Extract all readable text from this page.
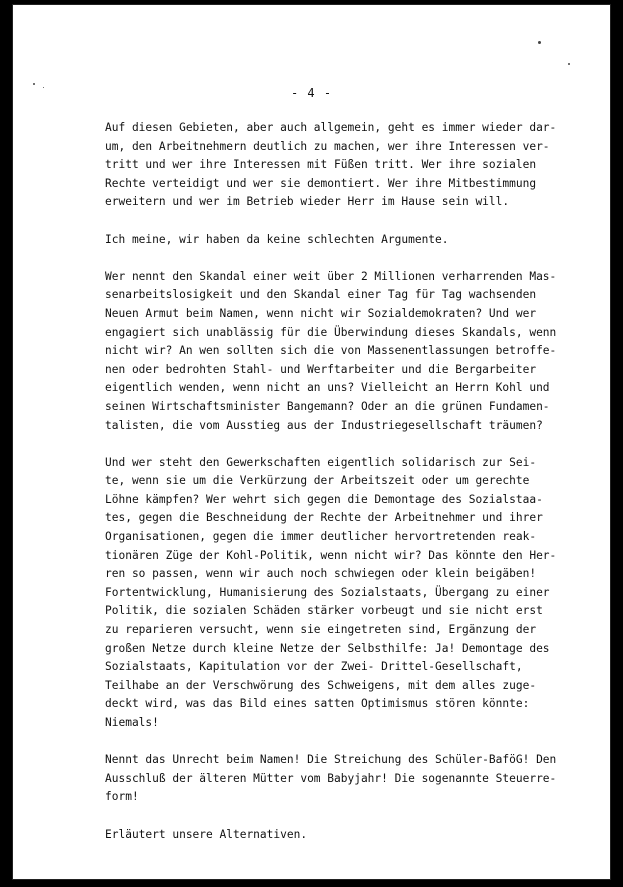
- 4 -
Auf diesen Gebieten, aber auch allgemein, geht es immer wieder dar-
um, den Arbeitnehmern deutlich zu machen, wer ihre Interessen ver-
tritt und wer ihre Interessen mit Füßen tritt. Wer ihre sozialen
Rechte verteidigt und wer sie demontiert. Wer ihre Mitbestimmung
erweitern und wer im Betrieb wieder Herr im Hause sein will.
Ich meine, wir haben da keine schlechten Argumente.
Wer nennt den Skandal einer weit über 2 Millionen verharrenden Mas-
senarbeitslosigkeit und den Skandal einer Tag für Tag wachsenden
Neuen Armut beim Namen, wenn nicht wir Sozialdemokraten? Und wer
engagiert sich unablässig für die Überwindung dieses Skandals, wenn
nicht wir? An wen sollten sich die von Massenentlassungen betroffe-
nen oder bedrohten Stahl- und Werftarbeiter und die Bergarbeiter
eigentlich wenden, wenn nicht an uns? Vielleicht an Herrn Kohl und
seinen Wirtschaftsminister Bangemann? Oder an die grünen Fundamen-
talisten, die vom Ausstieg aus der Industriegesellschaft träumen?
Und wer steht den Gewerkschaften eigentlich solidarisch zur Sei-
te, wenn sie um die Verkürzung der Arbeitszeit oder um gerechte
Löhne kämpfen? Wer wehrt sich gegen die Demontage des Sozialstaa-
tes, gegen die Beschneidung der Rechte der Arbeitnehmer und ihrer
Organisationen, gegen die immer deutlicher hervortretenden reak-
tionären Züge der Kohl-Politik, wenn nicht wir? Das könnte den Her-
ren so passen, wenn wir auch noch schwiegen oder klein beigäben!
Fortentwicklung, Humanisierung des Sozialstaats, Übergang zu einer
Politik, die sozialen Schäden stärker vorbeugt und sie nicht erst
zu reparieren versucht, wenn sie eingetreten sind, Ergänzung der
großen Netze durch kleine Netze der Selbsthilfe: Ja! Demontage des
Sozialstaats, Kapitulation vor der Zwei- Drittel-Gesellschaft,
Teilhabe an der Verschwörung des Schweigens, mit dem alles zuge-
deckt wird, was das Bild eines satten Optimismus stören könnte:
Niemals!
Nennt das Unrecht beim Namen! Die Streichung des Schüler-BaföG! Den
Ausschluß der älteren Mütter vom Babyjahr! Die sogenannte Steuerre-
form!
Erläutert unsere Alternativen.
